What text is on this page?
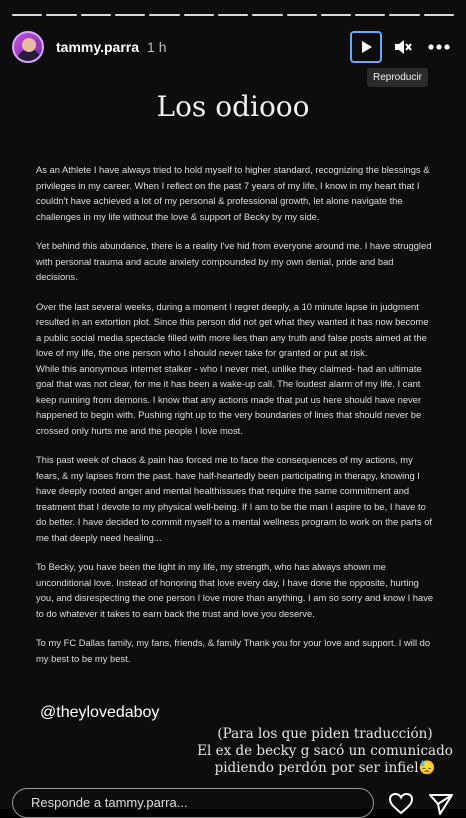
tammy.parra 1 h
Reproducir
Los odiooo

As an Athlete I have always tried to hold myself to higher standard, recognizing the blessings & privileges in my career. When I reflect on the past 7 years of my life, I know in my heart that I couldn't have achieved a lot of my personal & professional growth, let alone navigate the challenges in my life without the love & support of Becky by my side.

Yet behind this abundance, there is a reality I've hid from everyone around me. I have struggled with personal trauma and acute anxiety compounded by my own denial, pride and bad decisions.

Over the last several weeks, during a moment I regret deeply, a 10 minute lapse in judgment resulted in an extortion plot. Since this person did not get what they wanted it has now become a public social media spectacle filled with more lies than any truth and false posts aimed at the love of my life, the one person who I should never take for granted or put at risk.
While this anonymous internet stalker - who I never met, unlike they claimed- had an ultimate goal that was not clear, for me it has been a wake-up call. The loudest alarm of my life. I cant keep running from demons. I know that any actions made that put us here should have never happened to begin with. Pushing right up to the very boundaries of lines that should never be crossed only hurts me and the people I love most.

This past week of chaos & pain has forced me to face the consequences of my actions, my fears, & my lapses from the past. have half-heartedly been participating in therapy, knowing I have deeply rooted anger and mental healthissues that require the same commitment and treatment that I devote to my physical well-being. If I am to be the man I aspire to be, I have to do better. I have decided to commit myself to a mental wellness program to work on the parts of me that deeply need healing...

To Becky, you have been the light in my life, my strength, who has always shown me unconditional love. Instead of honoring that love every day, I have done the opposite, hurting you, and disrespecting the one person I love more than anything. I am so sorry and know I have to do whatever it takes to earn back the trust and love you deserve.

To my FC Dallas family, my fans, friends, & family Thank you for your love and support. I will do my best to be my best.

@theylovedaboy
(Para los que piden traducción)
El ex de becky g sacó un comunicado
pidiendo perdón por ser infiel😓
Responde a tammy.parra...
